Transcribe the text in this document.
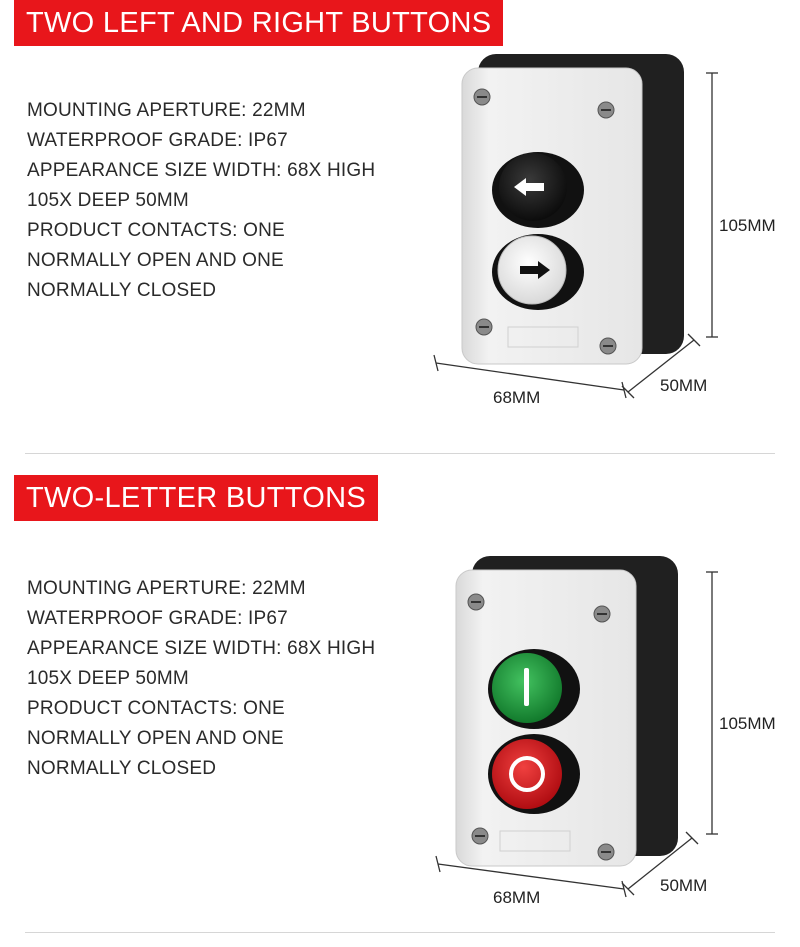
TWO LEFT AND RIGHT BUTTONS
MOUNTING APERTURE: 22MM
WATERPROOF GRADE: IP67
APPEARANCE SIZE WIDTH: 68X HIGH
105X DEEP 50MM
PRODUCT CONTACTS: ONE
NORMALLY OPEN AND ONE
NORMALLY CLOSED
105MM
68MM
50MM
TWO-LETTER BUTTONS
MOUNTING APERTURE: 22MM
WATERPROOF GRADE: IP67
APPEARANCE SIZE WIDTH: 68X HIGH
105X DEEP 50MM
PRODUCT CONTACTS: ONE
NORMALLY OPEN AND ONE
NORMALLY CLOSED
105MM
68MM
50MM
